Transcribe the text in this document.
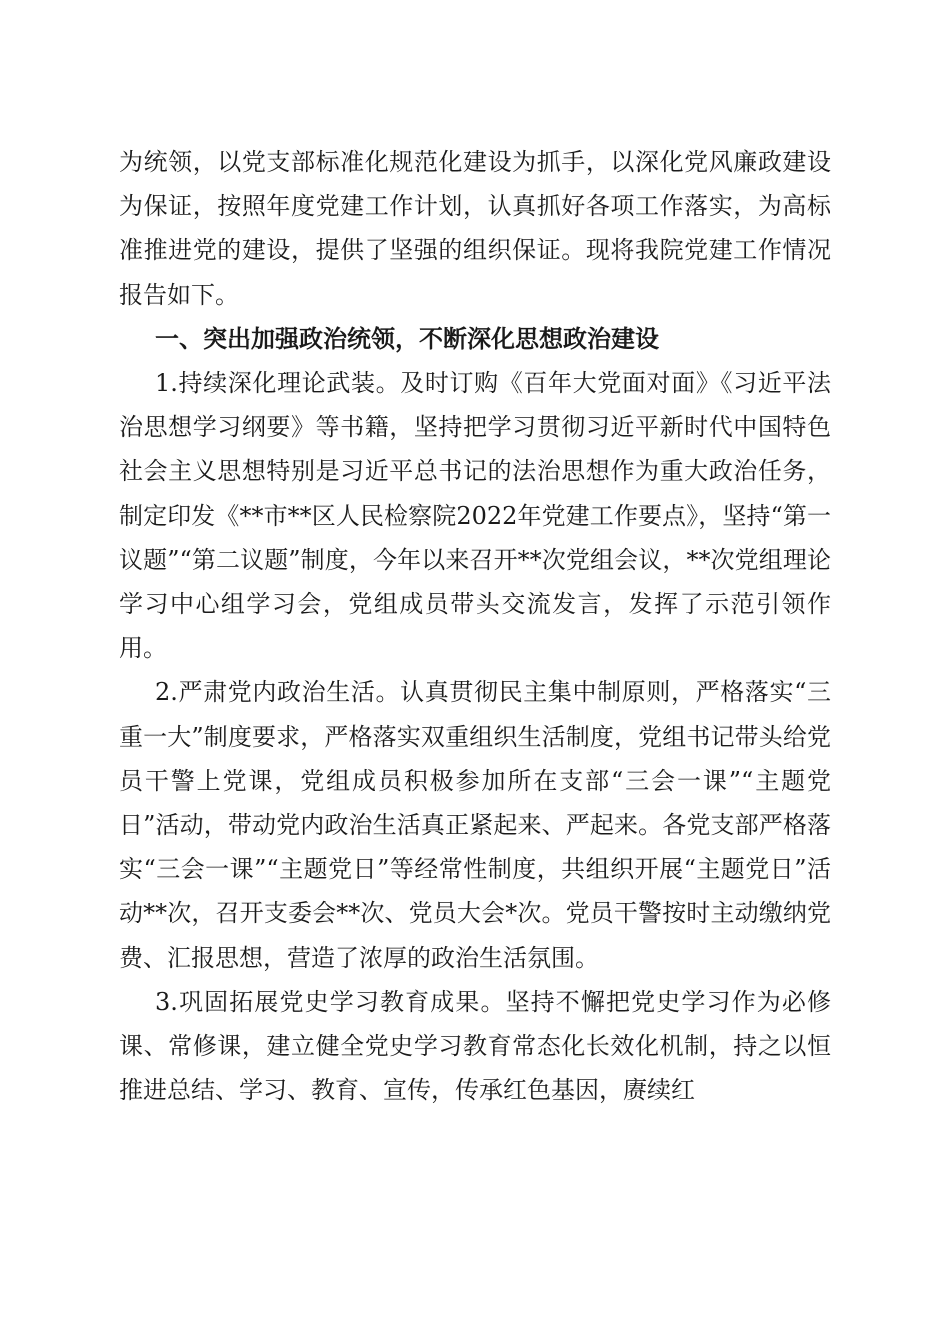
为统领，以党支部标准化规范化建设为抓手，以深化党风廉政建设为保证，按照年度党建工作计划，认真抓好各项工作落实，为高标准推进党的建设，提供了坚强的组织保证。现将我院党建工作情况报告如下。

一、突出加强政治统领，不断深化思想政治建设

1.持续深化理论武装。及时订购《百年大党面对面》《习近平法治思想学习纲要》等书籍，坚持把学习贯彻习近平新时代中国特色社会主义思想特别是习近平总书记的法治思想作为重大政治任务，制定印发《**市**区人民检察院2022年党建工作要点》，坚持“第一议题”“第二议题”制度，今年以来召开**次党组会议，**次党组理论学习中心组学习会，党组成员带头交流发言，发挥了示范引领作用。

2.严肃党内政治生活。认真贯彻民主集中制原则，严格落实“三重一大”制度要求，严格落实双重组织生活制度，党组书记带头给党员干警上党课，党组成员积极参加所在支部“三会一课”“主题党日”活动，带动党内政治生活真正紧起来、严起来。各党支部严格落实“三会一课”“主题党日”等经常性制度，共组织开展“主题党日”活动**次，召开支委会**次、党员大会*次。党员干警按时主动缴纳党费、汇报思想，营造了浓厚的政治生活氛围。

3.巩固拓展党史学习教育成果。坚持不懈把党史学习作为必修课、常修课，建立健全党史学习教育常态化长效化机制，持之以恒推进总结、学习、教育、宣传，传承红色基因，赓续红
